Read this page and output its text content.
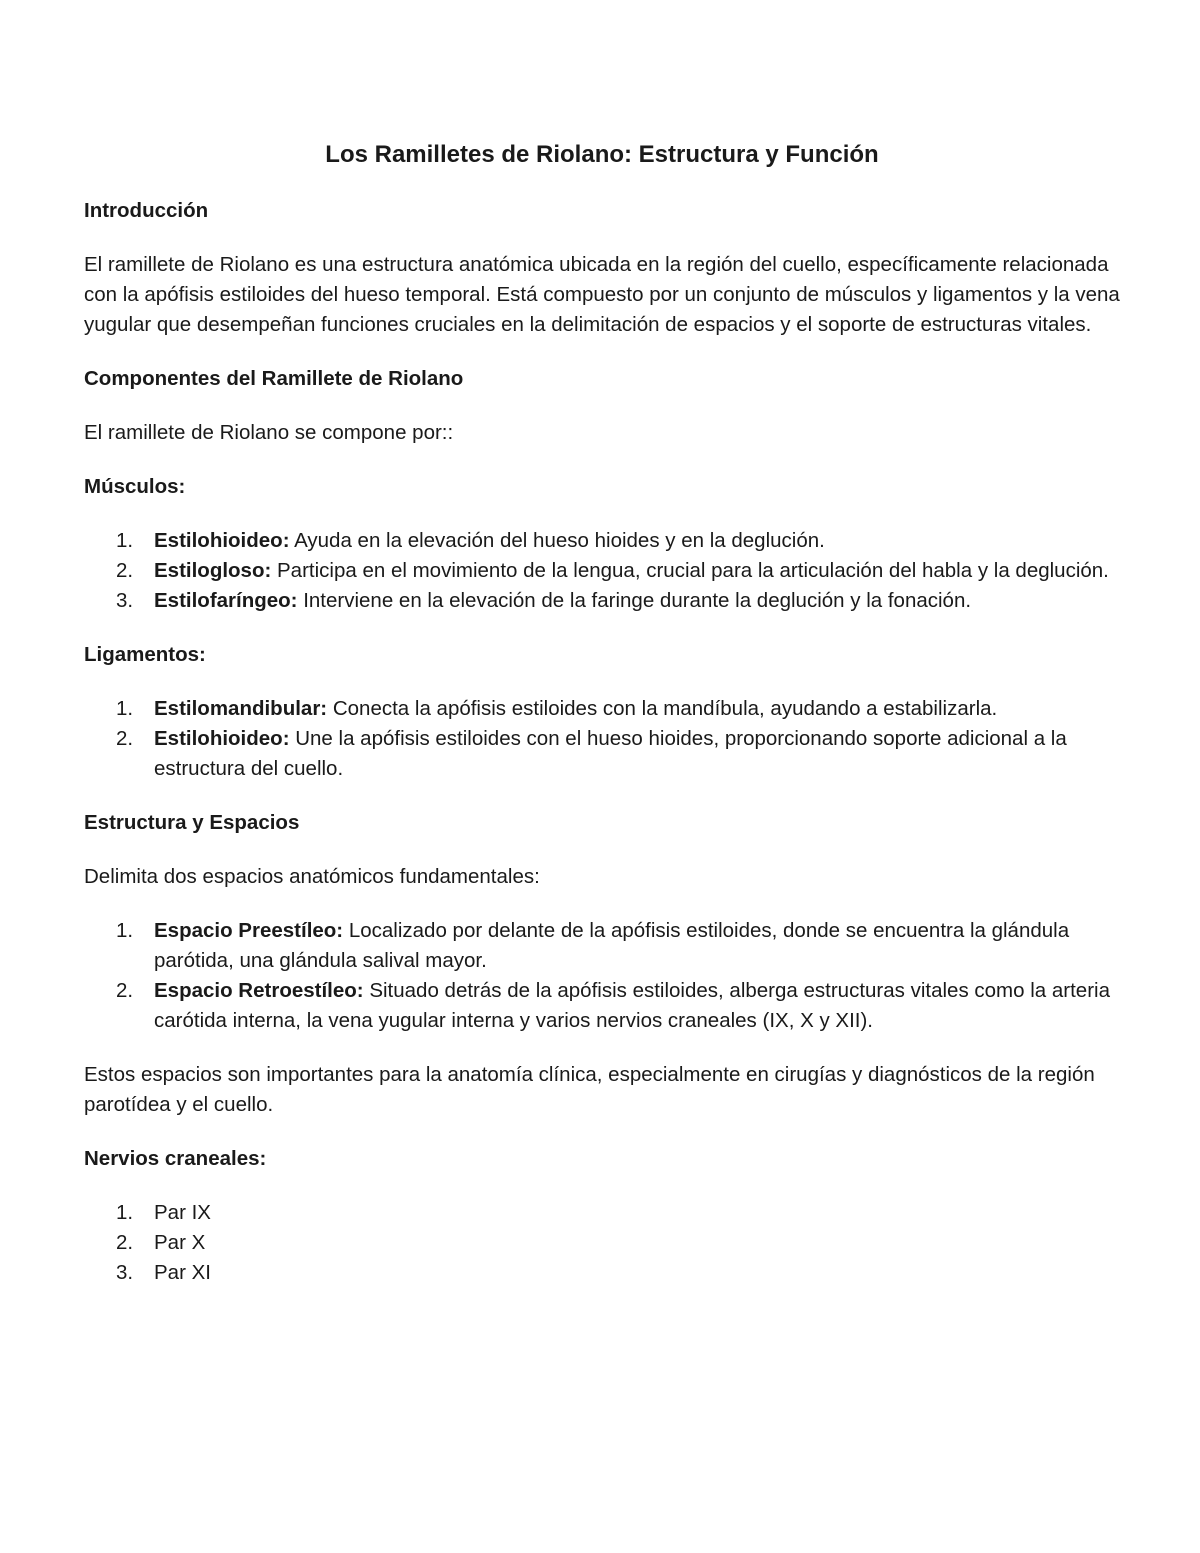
Los Ramilletes de Riolano: Estructura y Función
Introducción

El ramillete de Riolano es una estructura anatómica ubicada en la región del cuello, específicamente relacionada con la apófisis estiloides del hueso temporal. Está compuesto por un conjunto de músculos y ligamentos y la vena yugular que desempeñan funciones cruciales en la delimitación de espacios y el soporte de estructuras vitales.

Componentes del Ramillete de Riolano

El ramillete de Riolano se compone por::

Músculos:
1. Estilohioideo: Ayuda en la elevación del hueso hioides y en la deglución.
2. Estilogloso: Participa en el movimiento de la lengua, crucial para la articulación del habla y la deglución.
3. Estilofaríngeo: Interviene en la elevación de la faringe durante la deglución y la fonación.
Ligamentos:
1. Estilomandibular: Conecta la apófisis estiloides con la mandíbula, ayudando a estabilizarla.
2. Estilohioideo: Une la apófisis estiloides con el hueso hioides, proporcionando soporte adicional a la estructura del cuello.
Estructura y Espacios

Delimita dos espacios anatómicos fundamentales:

1. Espacio Preestíleo: Localizado por delante de la apófisis estiloides, donde se encuentra la glándula parótida, una glándula salival mayor.
2. Espacio Retroestíleo: Situado detrás de la apófisis estiloides, alberga estructuras vitales como la arteria carótida interna, la vena yugular interna y varios nervios craneales (IX, X y XII).

Estos espacios son importantes para la anatomía clínica, especialmente en cirugías y diagnósticos de la región parotídea y el cuello.

Nervios craneales:
1. Par IX
2. Par X
3. Par XI
